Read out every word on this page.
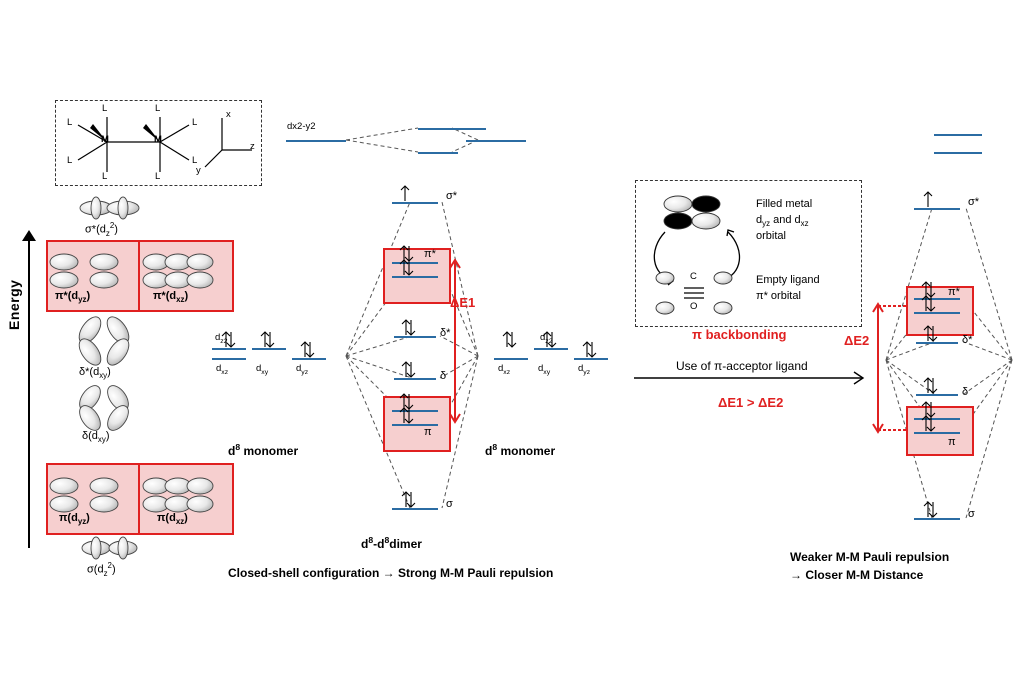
Energy
M	M
L
L
L
L
L
L
L
L
x
y
z
$\sigma*(d_z^2)$
$\pi*(d_{yz})$	$\pi*(d_{xz})$
$\delta*(d_{xy})$
$\delta(d_{xy})$
$\pi(d_{yz})$	$\pi(d_{xz})$
$\sigma(d_z^2)$
$d_{z2}$
$d_{xz}$	$d_{xy}$	$d_{yz}$
$d^8$ monomer
dx2-y2
σ*
π*
δ*
δ
π
σ
ΔE1
$d^8-d^8dimer$
$d_{z2}$
$d_{xz}$	$d_{xy}$	$d_{yz}$
$d^8$ monomer
Closed-shell configuration → Strong M-M Pauli repulsion
C
O
Filled metal
$d_{yz}$ and $d_{xz}$
orbital
Empty ligand
π* orbital
π backbonding
Use of π-acceptor ligand
ΔE1 > ΔE2
σ*
π*
δ*
δ
π
σ
ΔE2
Weaker M-M Pauli repulsion
→ Closer M-M Distance
